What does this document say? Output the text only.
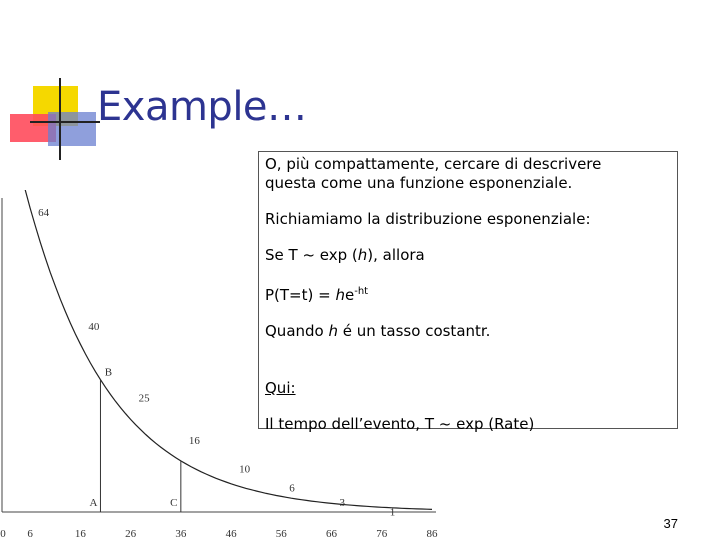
Example…
64
40
25
16
10
6
3
1
A
B
C
0 6	16	26	36	46	56	66	76	86

O, più compattamente, cercare di descrivere

questa come una funzione esponenziale.

Richiamiamo la distribuzione esponenziale:

Se T ~ exp (h), allora

$P(T=t) = he^{-ht}$

Quando h é un tasso costantr.

Qui:

Il tempo dell’evento, T ~ exp (Rate)

37
